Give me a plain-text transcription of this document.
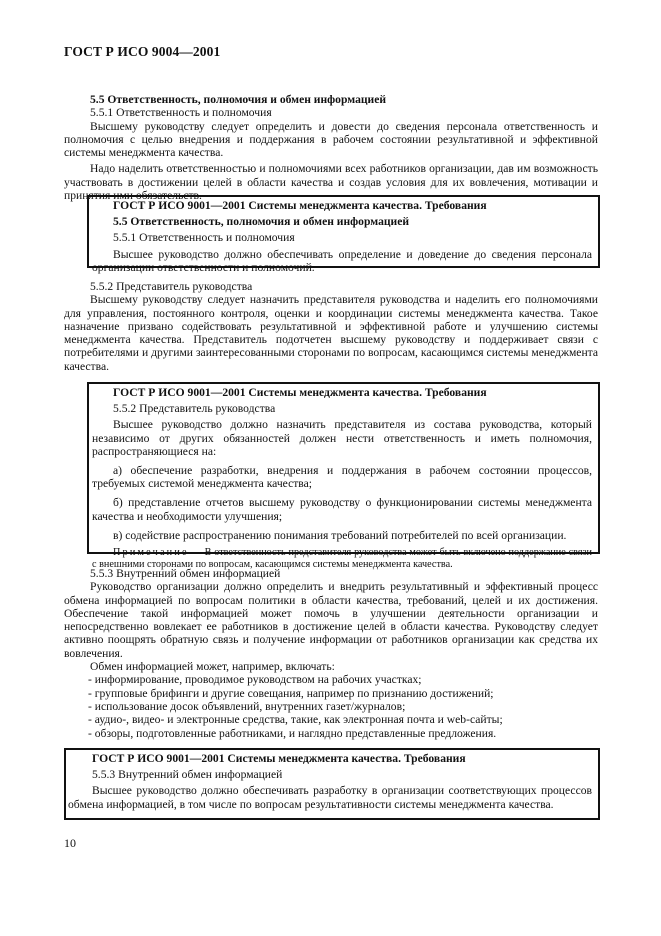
ГОСТ Р ИСО 9004—2001

5.5 Ответственность, полномочия и обмен информацией

5.5.1 Ответственность и полномочия

Высшему руководству следует определить и довести до сведения персонала ответственность и полномочия с целью внедрения и поддержания в рабочем состоянии результативной и эффективной системы менеджмента качества.

Надо наделить ответственностью и полномочиями всех работников организации, дав им возможность участвовать в достижении целей в области качества и создав условия для их вовлечения, мотивации и принятия ими обязательств.

ГОСТ Р ИСО 9001—2001 Системы менеджмента качества. Требования

5.5 Ответственность, полномочия и обмен информацией

5.5.1 Ответственность и полномочия

Высшее руководство должно обеспечивать определение и доведение до сведения персонала организации ответственности и полномочий.

5.5.2 Представитель руководства

Высшему руководству следует назначить представителя руководства и наделить его полномочиями для управления, постоянного контроля, оценки и координации системы менеджмента качества. Такое назначение призвано содействовать результативной и эффективной работе и улучшению системы менеджмента качества. Представитель подотчетен высшему руководству и поддерживает связи с потребителями и другими заинтересованными сторонами по вопросам, касающимся системы менеджмента качества.

ГОСТ Р ИСО 9001—2001 Системы менеджмента качества. Требования

5.5.2 Представитель руководства

Высшее руководство должно назначить представителя из состава руководства, который независимо от других обязанностей должен нести ответственность и иметь полномочия, распространяющиеся на:

а) обеспечение разработки, внедрения и поддержания в рабочем состоянии процессов, требуемых системой менеджмента качества;

б) представление отчетов высшему руководству о функционировании системы менеджмента качества и необходимости улучшения;

в) содействие распространению понимания требований потребителей по всей организации.

Примечание — В ответственность представителя руководства может быть включено поддержание связи с внешними сторонами по вопросам, касающимся системы менеджмента качества.

5.5.3 Внутренний обмен информацией

Руководство организации должно определить и внедрить результативный и эффективный процесс обмена информацией по вопросам политики в области качества, требований, целей и их достижения. Обеспечение такой информацией может помочь в улучшении деятельности организации и непосредственно вовлекает ее работников в достижение целей в области качества. Руководству следует активно поощрять обратную связь и получение информации от работников организации как средства их вовлечения.

Обмен информацией может, например, включать:

- информирование, проводимое руководством на рабочих участках;

- групповые брифинги и другие совещания, например по признанию достижений;

- использование досок объявлений, внутренних газет/журналов;

- аудио-, видео- и электронные средства, такие, как электронная почта и web-сайты;

- обзоры, подготовленные работниками, и наглядно представленные предложения.

ГОСТ Р ИСО 9001—2001 Системы менеджмента качества. Требования

5.5.3 Внутренний обмен информацией

Высшее руководство должно обеспечивать разработку в организации соответствующих процессов обмена информацией, в том числе по вопросам результативности системы менеджмента качества.

10
